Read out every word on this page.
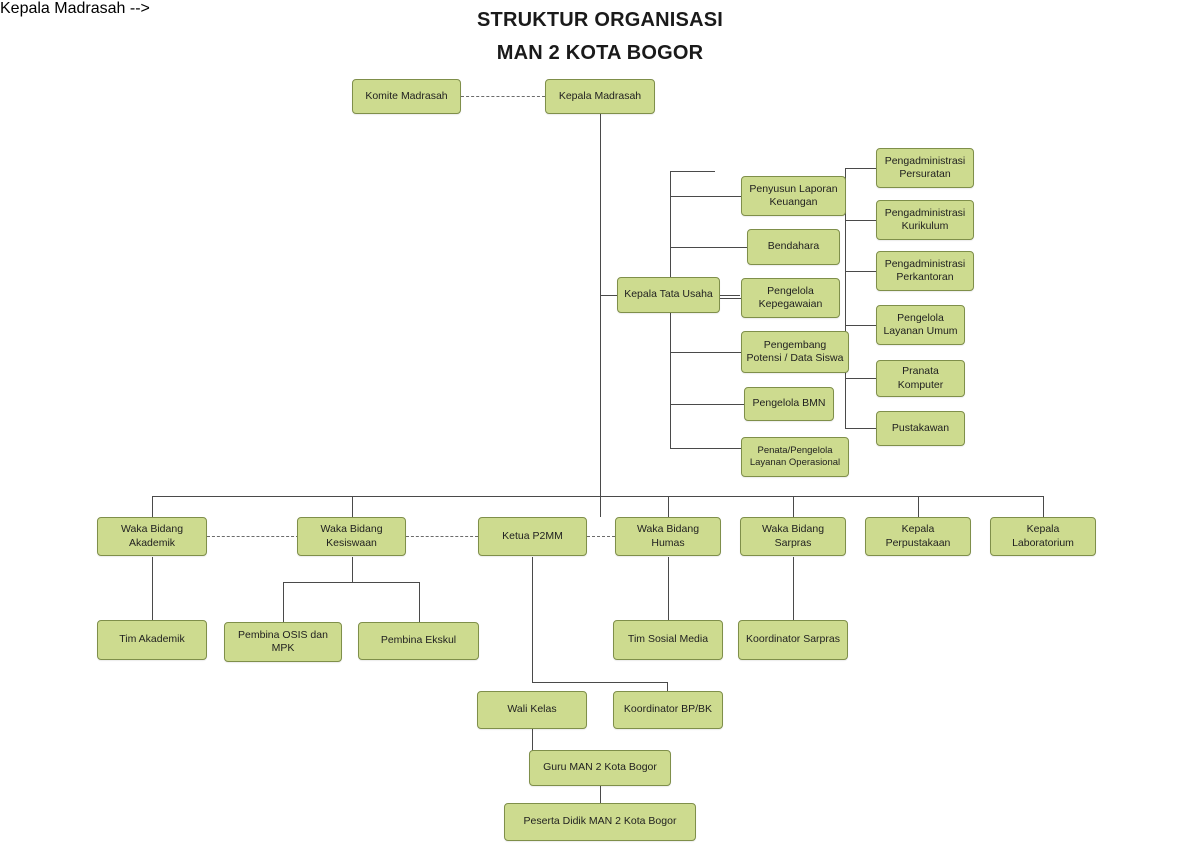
STRUKTUR ORGANISASI
MAN 2 KOTA BOGOR
Kepala Madrasah -->
Komite Madrasah	Kepala Madrasah
Kepala Tata Usaha
Penyusun Laporan Keuangan
Bendahara
Pengelola Kepegawaian
Pengembang Potensi / Data Siswa
Pengelola BMN
Penata/Pengelola Layanan Operasional
Pengadministrasi Persuratan
Pengadministrasi Kurikulum
Pengadministrasi Perkantoran
Pengelola Layanan Umum
Pranata Komputer
Pustakawan
Waka Bidang Akademik
Waka Bidang Kesiswaan
Ketua P2MM
Waka Bidang Humas
Waka Bidang Sarpras
Kepala Perpustakaan
Kepala Laboratorium
Tim Akademik	Pembina OSIS dan MPK
Pembina Ekskul	Tim Sosial Media	Koordinator Sarpras
Wali Kelas	Koordinator BP/BK
Guru MAN 2 Kota Bogor
Peserta Didik MAN 2 Kota Bogor
